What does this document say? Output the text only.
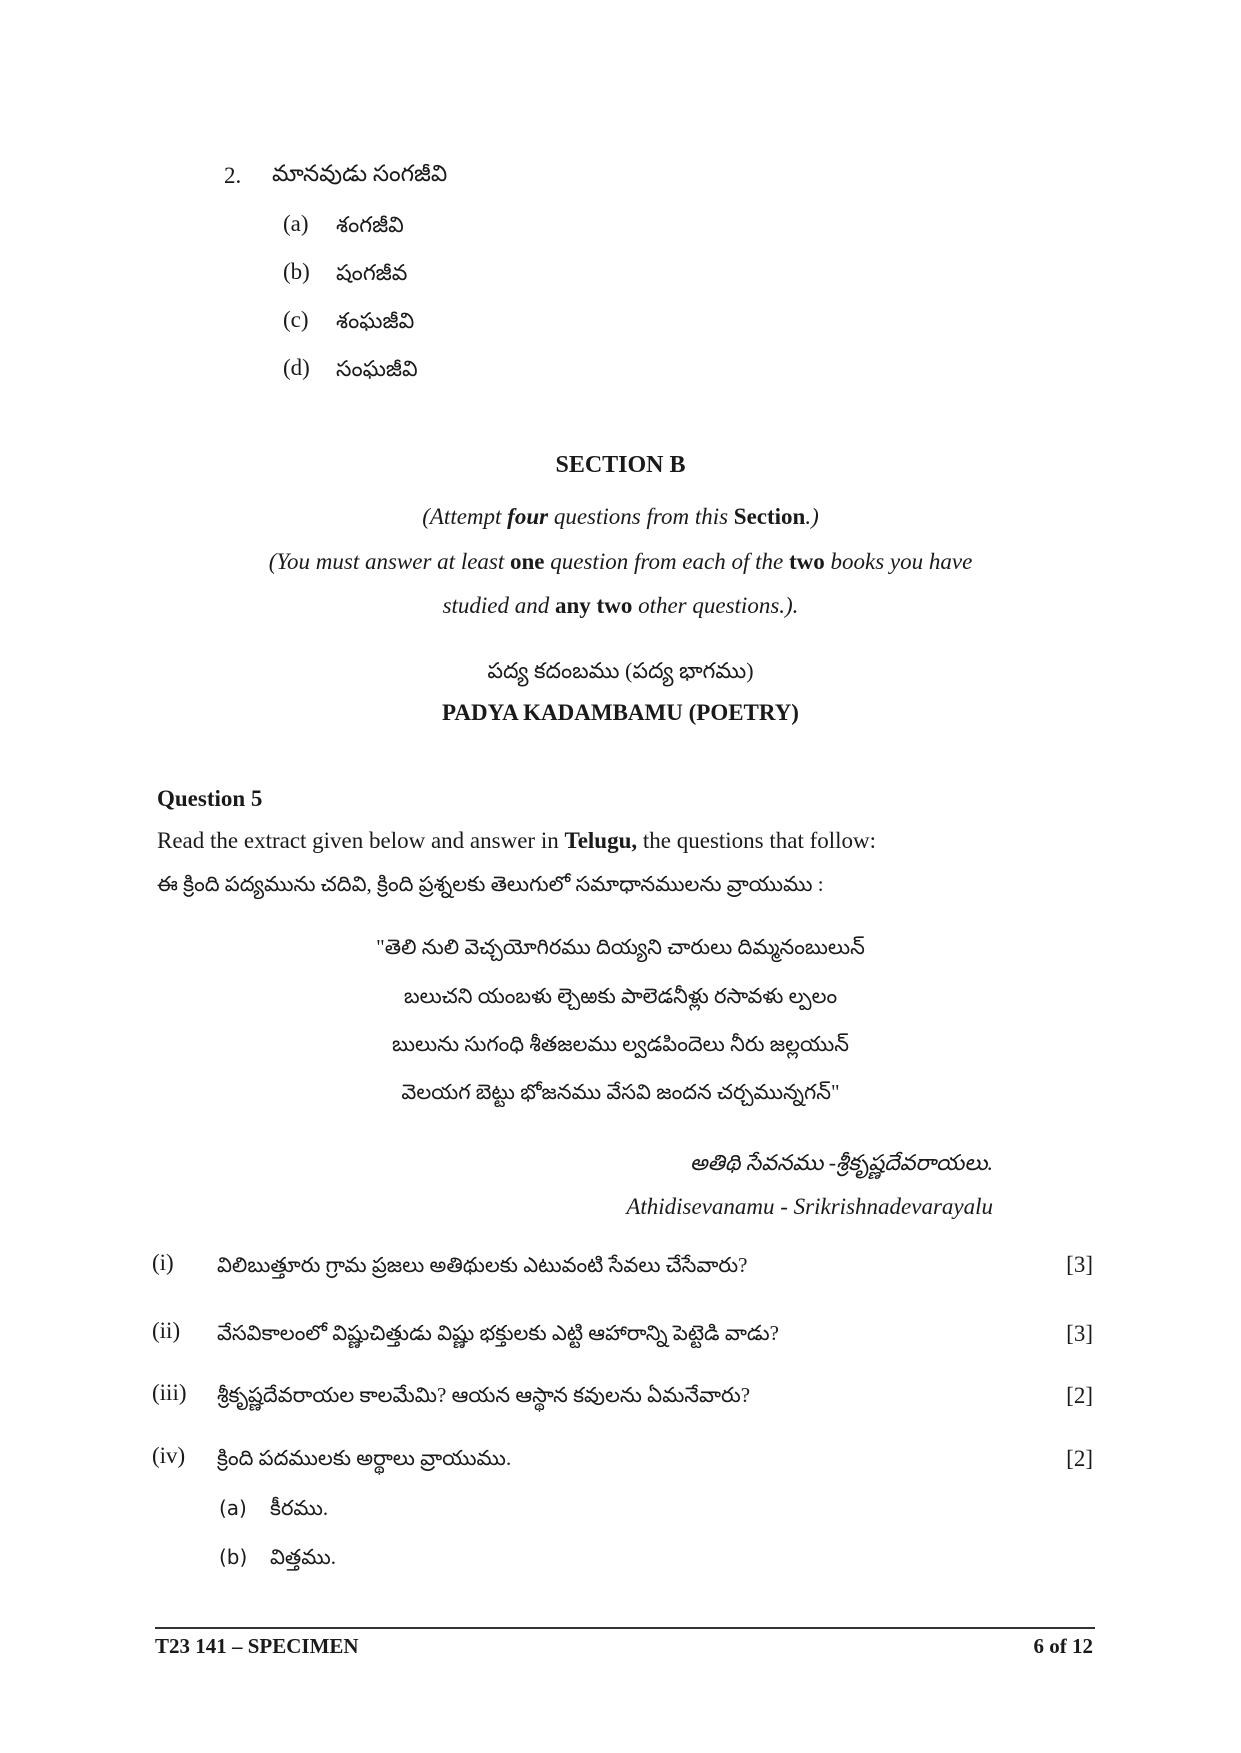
2. మానవుడు సంగజీవి
(a) శంగజీవి
(b) షంగజీవ
(c) శంఘజీవి
(d) సంఘజీవి
SECTION B
(Attempt four questions from this Section.)
(You must answer at least one question from each of the two books you have
studied and any two other questions.).
పద్య కదంబము (పద్య భాగము)
PADYA KADAMBAMU (POETRY)
Question 5
Read the extract given below and answer in Telugu, the questions that follow:
ఈ క్రింది పద్యమును చదివి, క్రింది ప్రశ్నలకు తెలుగులో సమాధానములను వ్రాయుము :
"తెలి నులి వెచ్చయోగిరము దియ్యని చారులు దిమ్మనంబులున్
బలుచని యంబళు ల్చెఱకు పాలెడనీళ్లు రసావళు ల్పలం
బులును సుగంధి శీతజలము ల్వడపిందెలు నీరు జల్లయున్
వెలయగ బెట్టు భోజనము వేసవి జందన చర్చమున్నగన్"
అతిథి సేవనము -శ్రీకృష్ణదేవరాయలు.
Athidisevanamu - Srikrishnadevarayalu
(i) విలిబుత్తూరు గ్రామ ప్రజలు అతిథులకు ఎటువంటి సేవలు చేసేవారు?	[3]
(ii) వేసవికాలంలో విష్ణుచిత్తుడు విష్ణు భక్తులకు ఎట్టి ఆహారాన్ని పెట్టెడి వాడు?	[3]
(iii) శ్రీకృష్ణదేవరాయల కాలమేమి? ఆయన ఆస్థాన కవులను ఏమనేవారు?	[2]
(iv) క్రింది పదములకు అర్థాలు వ్రాయుము.	[2]
(a) కీరము.
(b) విత్తము.
T23 141 – SPECIMEN	6 of 12
